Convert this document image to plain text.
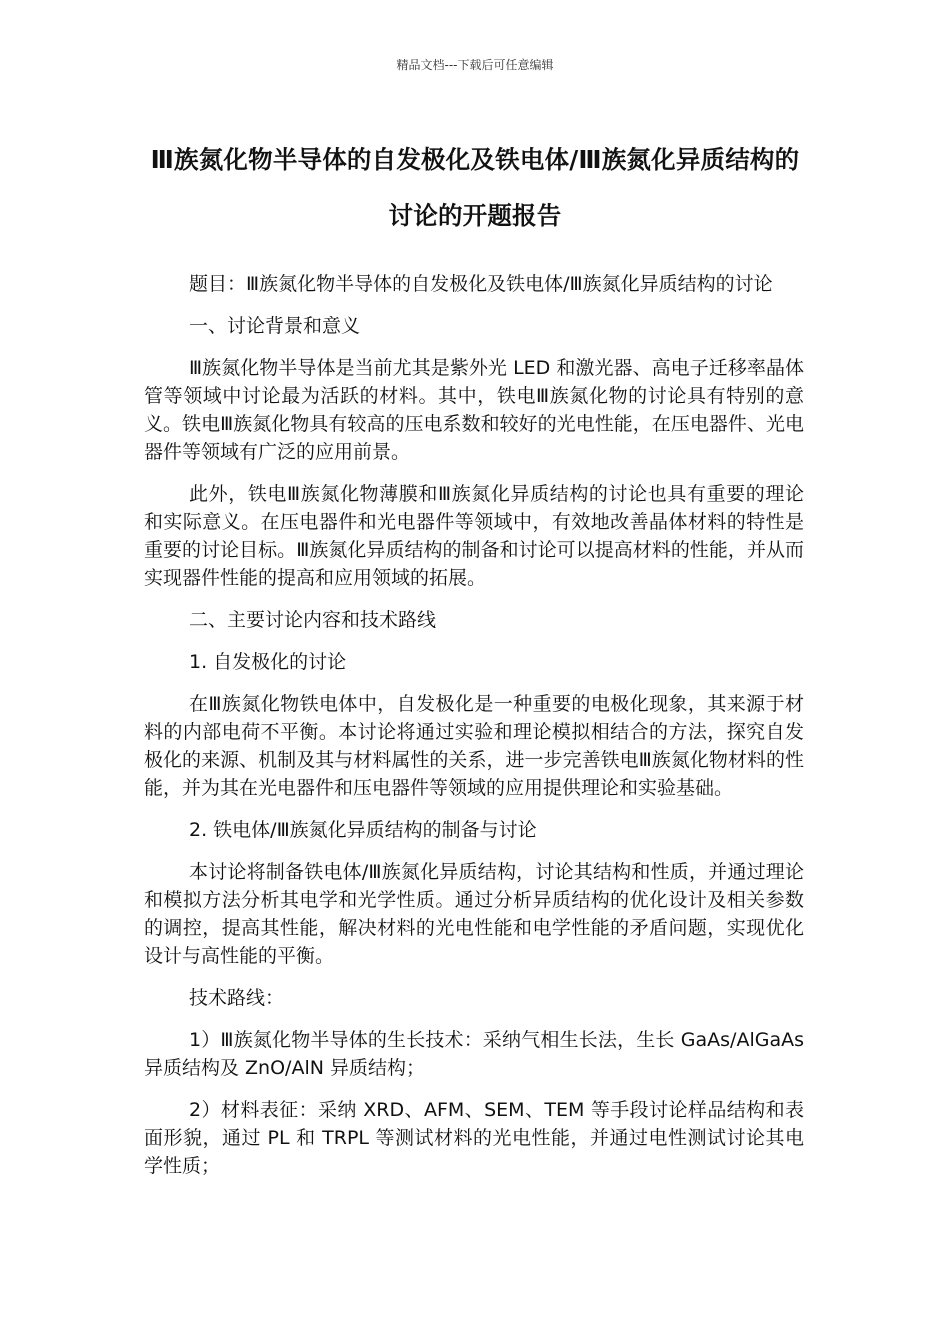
精品文档---下载后可任意编辑
Ⅲ族氮化物半导体的自发极化及铁电体/Ⅲ族氮化异质结构的讨论的开题报告

题目：Ⅲ族氮化物半导体的自发极化及铁电体/Ⅲ族氮化异质结构的讨论

一、讨论背景和意义

Ⅲ族氮化物半导体是当前尤其是紫外光 LED 和激光器、高电子迁移率晶体管等领域中讨论最为活跃的材料。其中，铁电Ⅲ族氮化物的讨论具有特别的意义。铁电Ⅲ族氮化物具有较高的压电系数和较好的光电性能，在压电器件、光电器件等领域有广泛的应用前景。

此外，铁电Ⅲ族氮化物薄膜和Ⅲ族氮化异质结构的讨论也具有重要的理论和实际意义。在压电器件和光电器件等领域中，有效地改善晶体材料的特性是重要的讨论目标。Ⅲ族氮化异质结构的制备和讨论可以提高材料的性能，并从而实现器件性能的提高和应用领域的拓展。

二、主要讨论内容和技术路线

1. 自发极化的讨论

在Ⅲ族氮化物铁电体中，自发极化是一种重要的电极化现象，其来源于材料的内部电荷不平衡。本讨论将通过实验和理论模拟相结合的方法，探究自发极化的来源、机制及其与材料属性的关系，进一步完善铁电Ⅲ族氮化物材料的性能，并为其在光电器件和压电器件等领域的应用提供理论和实验基础。

2. 铁电体/Ⅲ族氮化异质结构的制备与讨论

本讨论将制备铁电体/Ⅲ族氮化异质结构，讨论其结构和性质，并通过理论和模拟方法分析其电学和光学性质。通过分析异质结构的优化设计及相关参数的调控，提高其性能，解决材料的光电性能和电学性能的矛盾问题，实现优化设计与高性能的平衡。

技术路线：

1）Ⅲ族氮化物半导体的生长技术：采纳气相生长法，生长 GaAs/AlGaAs 异质结构及 ZnO/AlN 异质结构；

2）材料表征：采纳 XRD、AFM、SEM、TEM 等手段讨论样品结构和表面形貌，通过 PL 和 TRPL 等测试材料的光电性能，并通过电性测试讨论其电学性质；
